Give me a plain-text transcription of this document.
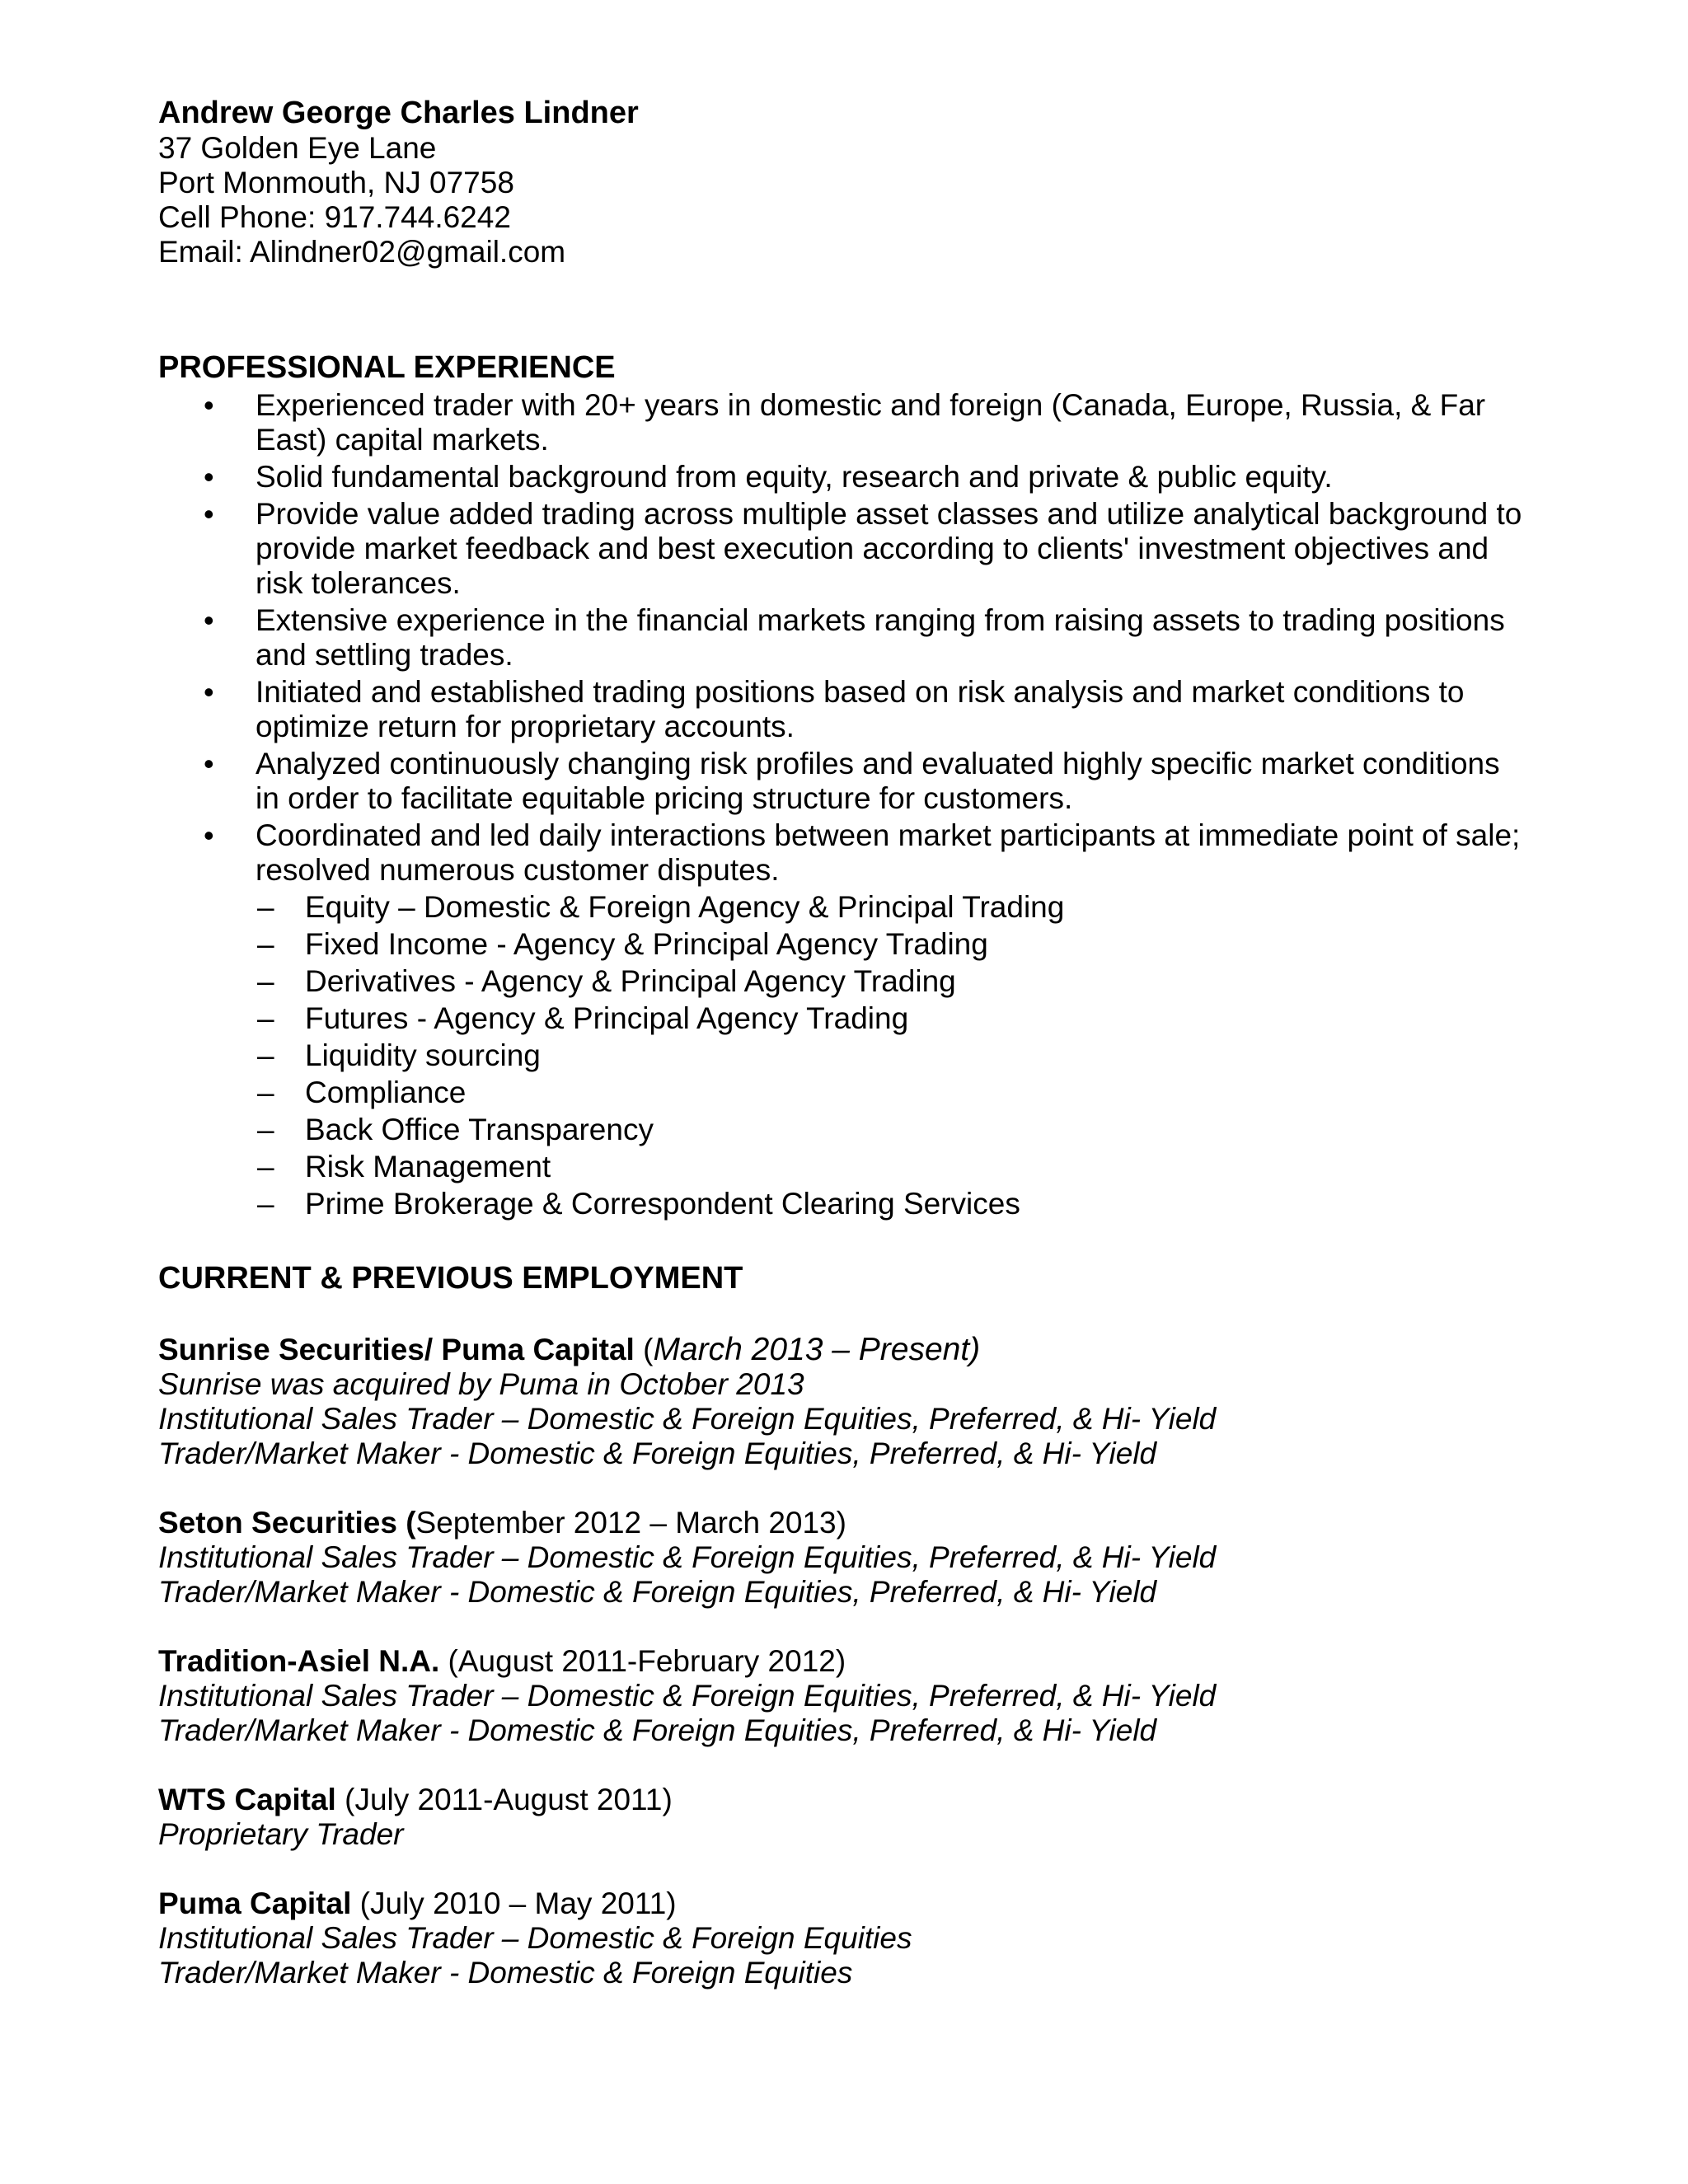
Andrew George Charles Lindner
37 Golden Eye Lane
Port Monmouth, NJ 07758
Cell Phone: 917.744.6242
Email: Alindner02@gmail.com
PROFESSIONAL EXPERIENCE
• Experienced trader with 20+ years in domestic and foreign (Canada, Europe, Russia, & Far East) capital markets.
• Solid fundamental background from equity, research and private & public equity.
• Provide value added trading across multiple asset classes and utilize analytical background to provide market feedback and best execution according to clients' investment objectives and risk tolerances.
• Extensive experience in the financial markets ranging from raising assets to trading positions and settling trades.
• Initiated and established trading positions based on risk analysis and market conditions to optimize return for proprietary accounts.
• Analyzed continuously changing risk profiles and evaluated highly specific market conditions in order to facilitate equitable pricing structure for customers.
• Coordinated and led daily interactions between market participants at immediate point of sale; resolved numerous customer disputes.
– Equity – Domestic & Foreign Agency & Principal Trading
– Fixed Income - Agency & Principal Agency Trading
– Derivatives - Agency & Principal Agency Trading
– Futures - Agency & Principal Agency Trading
– Liquidity sourcing
– Compliance
– Back Office Transparency
– Risk Management
– Prime Brokerage & Correspondent Clearing Services
CURRENT & PREVIOUS EMPLOYMENT
Sunrise Securities/ Puma Capital (March 2013 – Present)
Sunrise was acquired by Puma in October 2013
Institutional Sales Trader – Domestic & Foreign Equities, Preferred, & Hi- Yield
Trader/Market Maker - Domestic & Foreign Equities, Preferred, & Hi- Yield
Seton Securities (September 2012 – March 2013)
Institutional Sales Trader – Domestic & Foreign Equities, Preferred, & Hi- Yield
Trader/Market Maker - Domestic & Foreign Equities, Preferred, & Hi- Yield
Tradition-Asiel N.A. (August 2011-February 2012)
Institutional Sales Trader – Domestic & Foreign Equities, Preferred, & Hi- Yield
Trader/Market Maker - Domestic & Foreign Equities, Preferred, & Hi- Yield
WTS Capital (July 2011-August 2011)
Proprietary Trader
Puma Capital (July 2010 – May 2011)
Institutional Sales Trader – Domestic & Foreign Equities
Trader/Market Maker - Domestic & Foreign Equities
